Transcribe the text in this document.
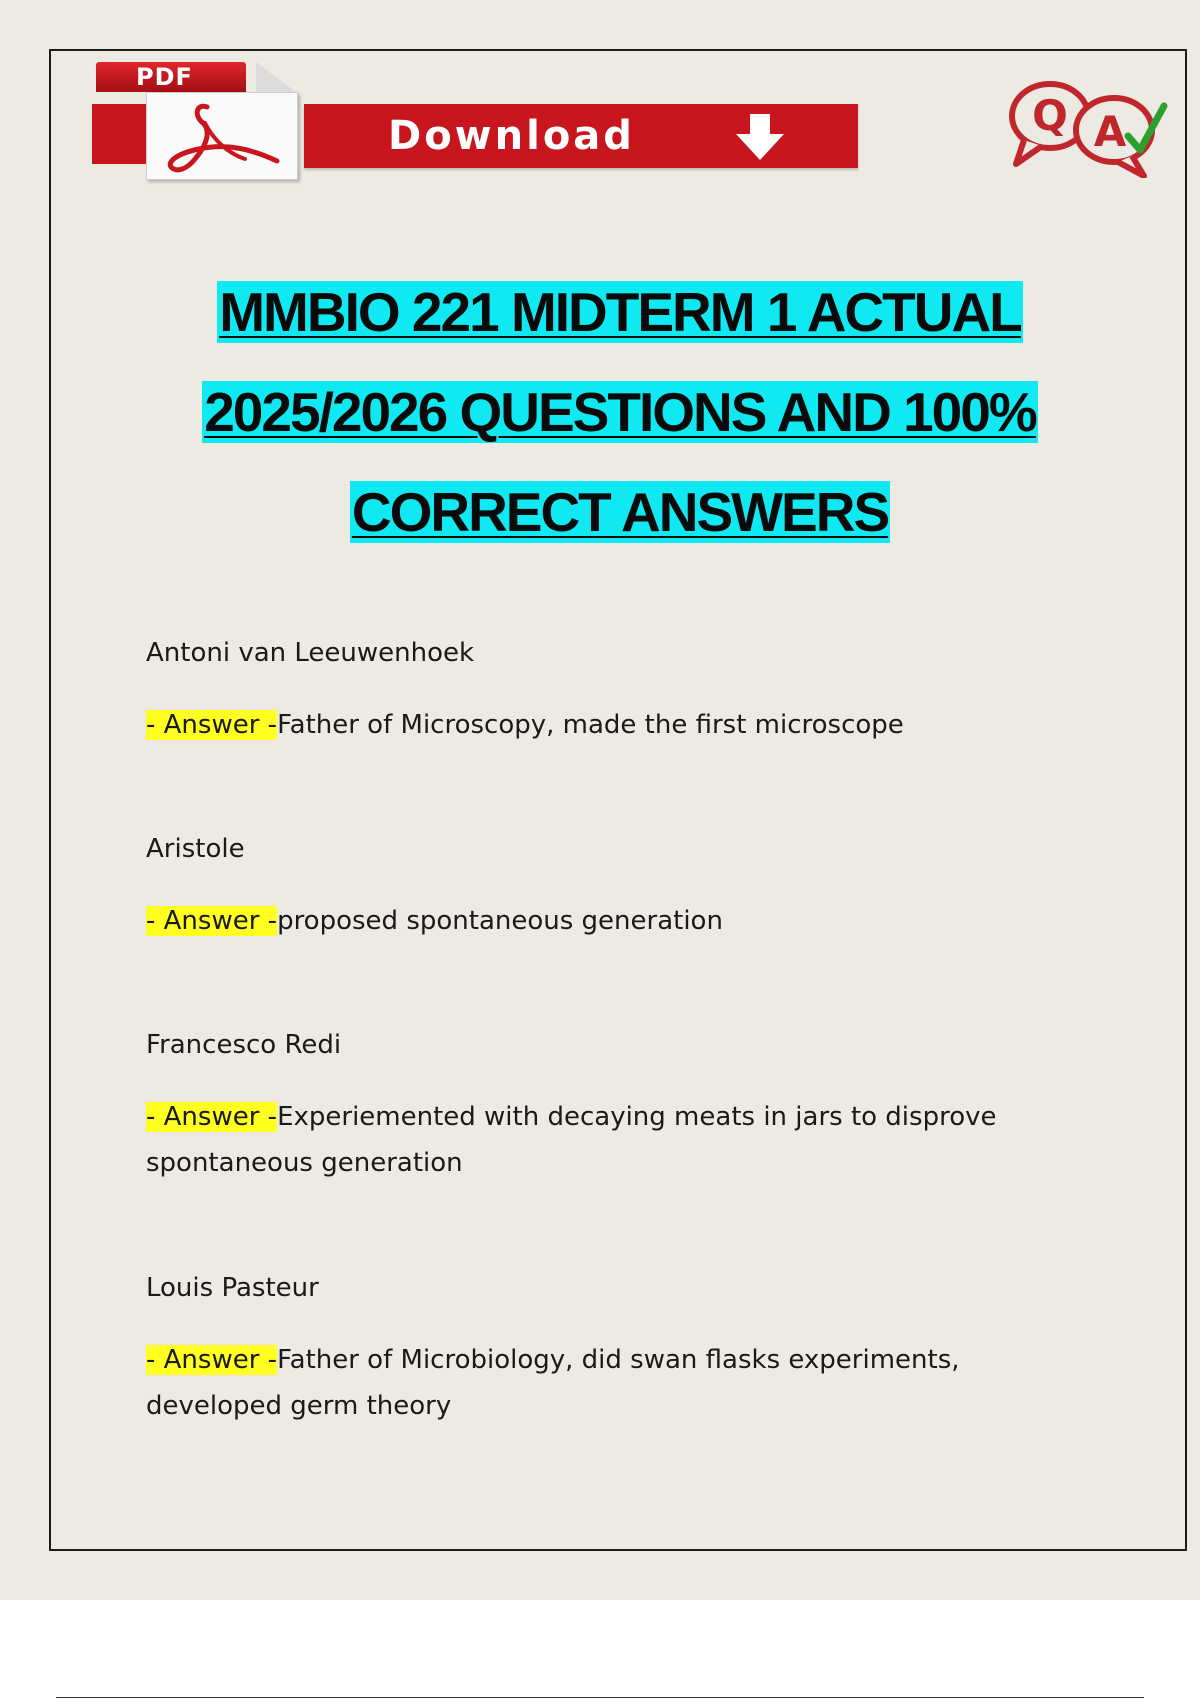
PDF
Download	Q A
MMBIO 221 MIDTERM 1 ACTUAL
2025/2026 QUESTIONS AND 100%
CORRECT ANSWERS
Antoni van Leeuwenhoek
- Answer -Father of Microscopy, made the first microscope
Aristole
- Answer -proposed spontaneous generation
Francesco Redi
- Answer -Experiemented with decaying meats in jars to disprove spontaneous generation
Louis Pasteur
- Answer -Father of Microbiology, did swan flasks experiments, developed germ theory
